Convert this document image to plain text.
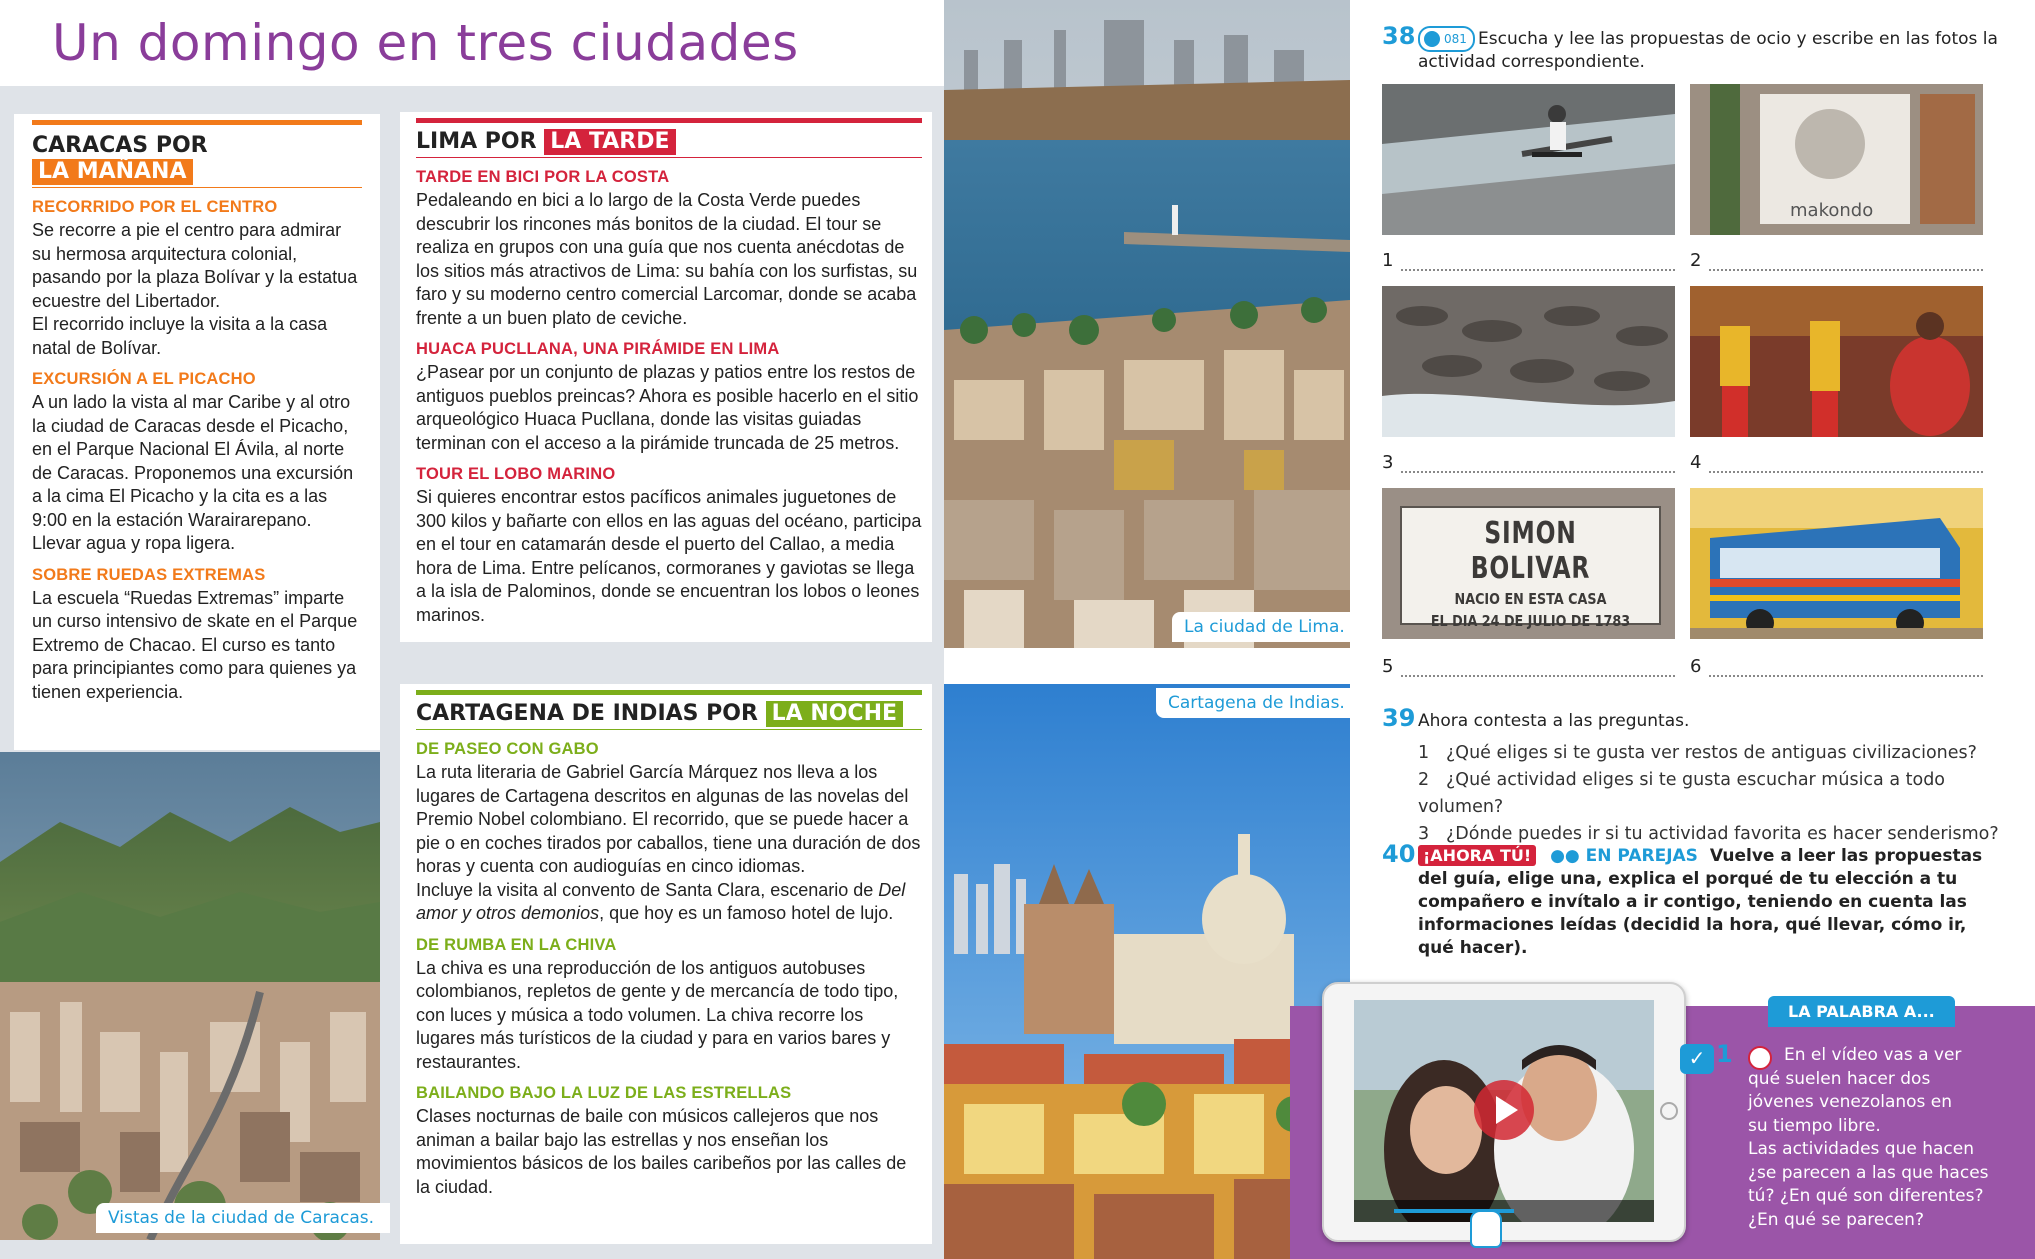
Un domingo en tres ciudades
CARACAS POR
LA MAÑANA
RECORRIDO POR EL CENTRO

Se recorre a pie el centro para admirar su hermosa arquitectura colonial, pasando por la plaza Bolívar y la estatua ecuestre del Libertador.

El recorrido incluye la visita a la casa natal de Bolívar.

EXCURSIÓN A EL PICACHO

A un lado la vista al mar Caribe y al otro la ciudad de Caracas desde el Picacho, en el Parque Nacional El Ávila, al norte de Caracas. Proponemos una excursión a la cima El Picacho y la cita es a las 9:00 en la estación Warairarepano.

Llevar agua y ropa ligera.

SOBRE RUEDAS EXTREMAS

La escuela “Ruedas Extremas” imparte un curso intensivo de skate en el Parque Extremo de Chacao. El curso es tanto para principiantes como para quienes ya tienen experiencia.

Vistas de la ciudad de Caracas.
LIMA POR LA TARDE
TARDE EN BICI POR LA COSTA
Pedaleando en bici a lo largo de la Costa Verde puedes descubrir los rincones más bonitos de la ciudad. El tour se realiza en grupos con una guía que nos cuenta anécdotas de los sitios más atractivos de Lima: su bahía con los surfistas, su faro y su moderno centro comercial Larcomar, donde se acaba frente a un buen plato de ceviche.
HUACA PUCLLANA, UNA PIRÁMIDE EN LIMA
¿Pasear por un conjunto de plazas y patios entre los restos de antiguos pueblos preincas? Ahora es posible hacerlo en el sitio arqueológico Huaca Pucllana, donde las visitas guiadas terminan con el acceso a la pirámide truncada de 25 metros.
TOUR EL LOBO MARINO
Si quieres encontrar estos pacíficos animales juguetones de 300 kilos y bañarte con ellos en las aguas del océano, participa en el tour en catamarán desde el puerto del Callao, a media hora de Lima. Entre pelícanos, cormoranes y gaviotas se llega a la isla de Palominos, donde se encuentran los lobos o leones marinos.
La ciudad de Lima.
CARTAGENA DE INDIAS POR LA NOCHE
DE PASEO CON GABO

La ruta literaria de Gabriel García Márquez nos lleva a los lugares de Cartagena descritos en algunas de las novelas del Premio Nobel colombiano. El recorrido, que se puede hacer a pie o en coches tirados por caballos, tiene una duración de dos horas y cuenta con audioguías en cinco idiomas.

Incluye la visita al convento de Santa Clara, escenario de Del amor y otros demonios, que hoy es un famoso hotel de lujo.

DE RUMBA EN LA CHIVA
La chiva es una reproducción de los antiguos autobuses colombianos, repletos de gente y de mercancía de todo tipo, con luces y música a todo volumen. La chiva recorre los lugares más turísticos de la ciudad y para en varios bares y restaurantes.
BAILANDO BAJO LA LUZ DE LAS ESTRELLAS
Clases nocturnas de baile con músicos callejeros que nos animan a bailar bajo las estrellas y nos enseñan los movimientos básicos de los bailes caribeños por las calles de la ciudad.
Cartagena de Indias.
38 081 Escucha y lee las propuestas de ocio y escribe en las fotos la actividad correspondiente.
makondo
1	2
3	4
SIMON BOLIVAR
NACIO EN ESTA CASA
EL DIA 24 DE JULIO DE 1783
5	6
39 Ahora contesta a las preguntas.
1 ¿Qué eliges si te gusta ver restos de antiguas civilizaciones?
2 ¿Qué actividad eliges si te gusta escuchar música a todo volumen?
3 ¿Dónde puedes ir si tu actividad favorita es hacer senderismo?
40 ¡AHORA TÚ! ●● EN PAREJAS Vuelve a leer las propuestas del guía, elige una, explica el porqué de tu elección a tu compañero e invítalo a ir contigo, teniendo en cuenta las informaciones leídas (decidid la hora, qué llevar, cómo ir, qué hacer).
LA PALABRA A...
✓ 1	En el vídeo vas a ver
qué suelen hacer dos
jóvenes venezolanos en
su tiempo libre.
Las actividades que hacen
¿se parecen a las que haces
tú? ¿En qué son diferentes?
¿En qué se parecen?
